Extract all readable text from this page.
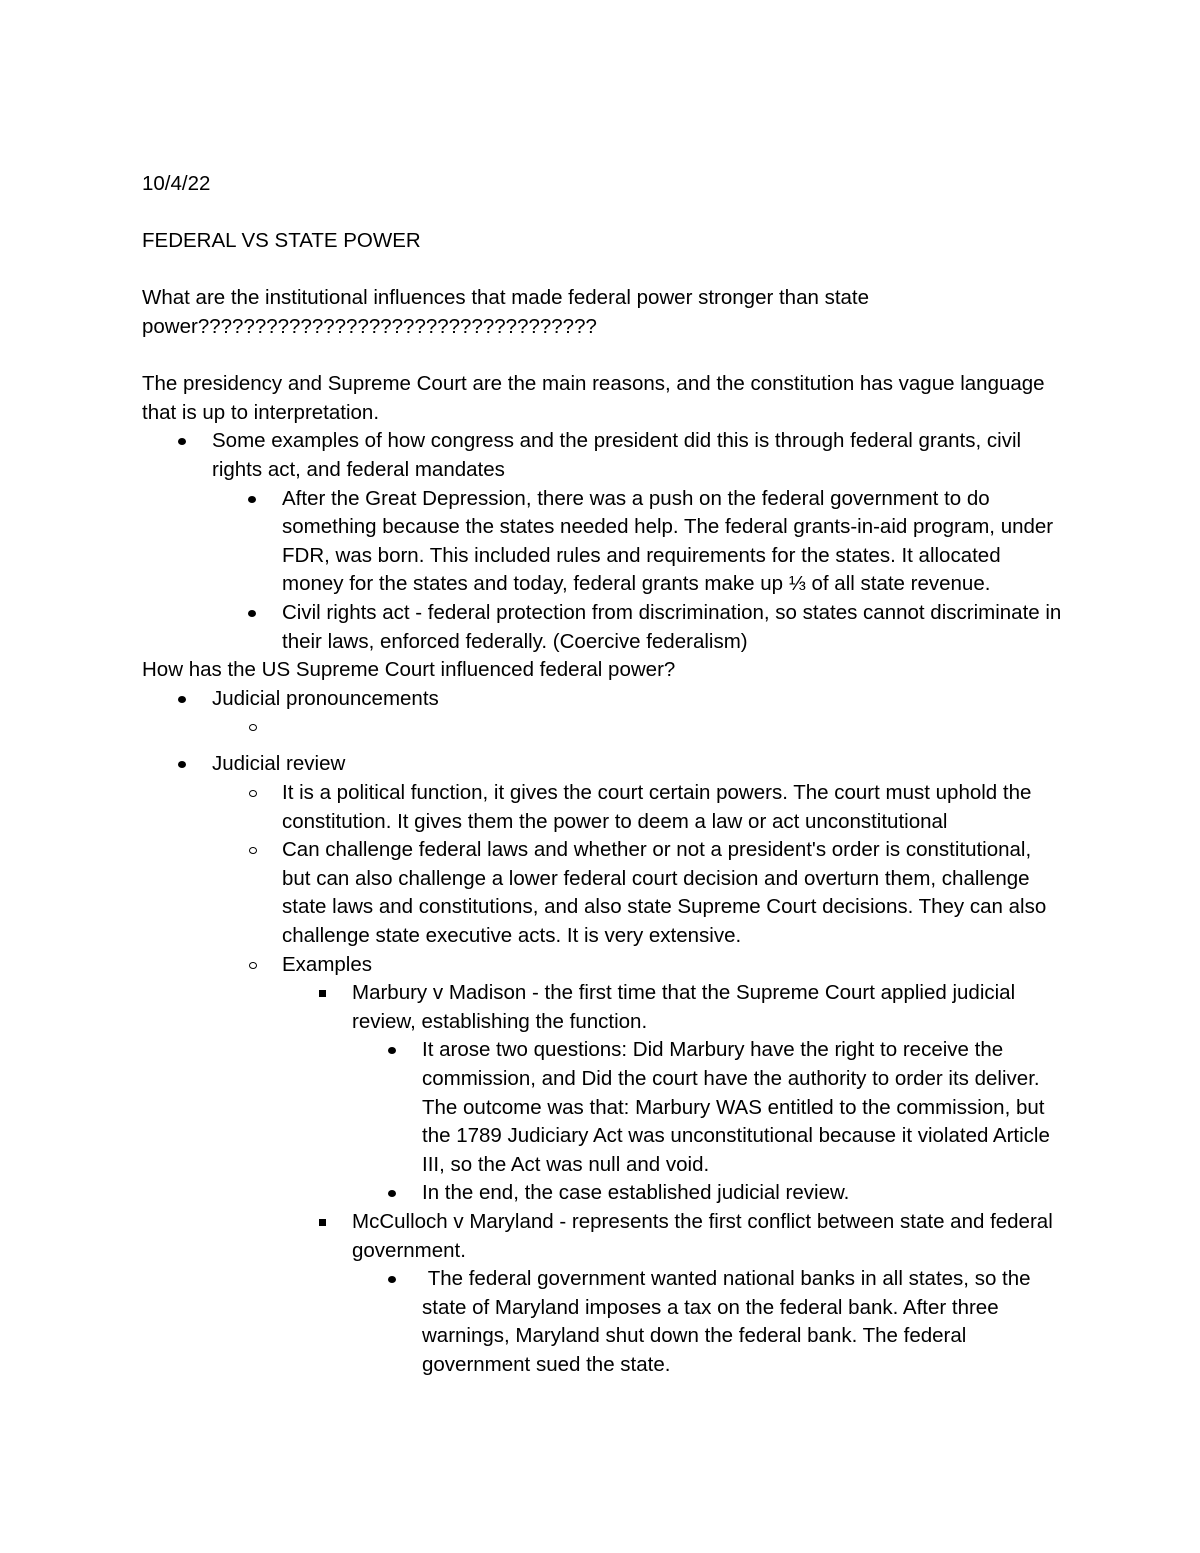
10/4/22

FEDERAL VS STATE POWER

What are the institutional influences that made federal power stronger than state power???????????????????????????????????

The presidency and Supreme Court are the main reasons, and the constitution has vague language that is up to interpretation.

Some examples of how congress and the president did this is through federal grants, civil rights act, and federal mandates
After the Great Depression, there was a push on the federal government to do something because the states needed help. The federal grants-in-aid program, under FDR, was born. This included rules and requirements for the states. It allocated money for the states and today, federal grants make up ⅓ of all state revenue.
Civil rights act - federal protection from discrimination, so states cannot discriminate in their laws, enforced federally. (Coercive federalism)

How has the US Supreme Court influenced federal power?

Judicial pronouncements
Judicial review
It is a political function, it gives the court certain powers. The court must uphold the constitution. It gives them the power to deem a law or act unconstitutional
Can challenge federal laws and whether or not a president's order is constitutional, but can also challenge a lower federal court decision and overturn them, challenge state laws and constitutions, and also state Supreme Court decisions. They can also challenge state executive acts. It is very extensive.
Examples
Marbury v Madison - the first time that the Supreme Court applied judicial review, establishing the function.
It arose two questions: Did Marbury have the right to receive the commission, and Did the court have the authority to order its deliver. The outcome was that: Marbury WAS entitled to the commission, but the 1789 Judiciary Act was unconstitutional because it violated Article III, so the Act was null and void.
In the end, the case established judicial review.
McCulloch v Maryland - represents the first conflict between state and federal government.
The federal government wanted national banks in all states, so the state of Maryland imposes a tax on the federal bank. After three warnings, Maryland shut down the federal bank. The federal government sued the state.
